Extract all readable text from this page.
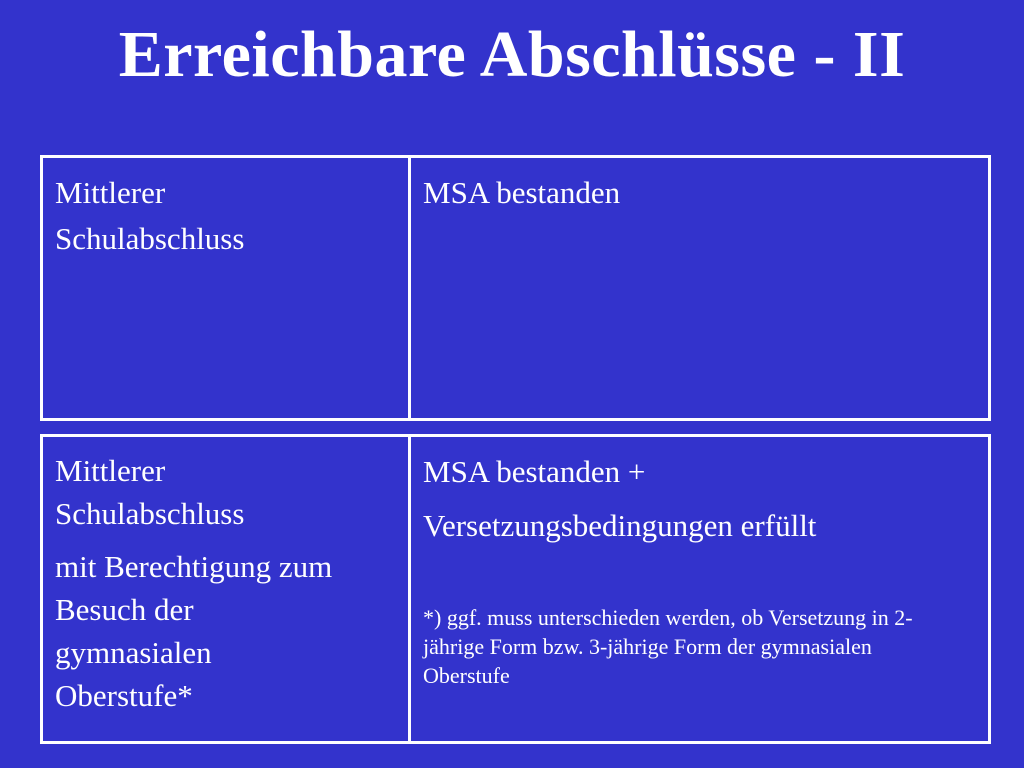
Erreichbare Abschlüsse - II
Mittlerer
Schulabschluss
MSA bestanden
Mittlerer Schulabschluss
mit Berechtigung zum Besuch der gymnasialen Oberstufe*
MSA bestanden +
Versetzungsbedingungen erfüllt
*) ggf. muss unterschieden werden, ob Versetzung in 2-jährige Form bzw. 3-jährige Form der gymnasialen Oberstufe
